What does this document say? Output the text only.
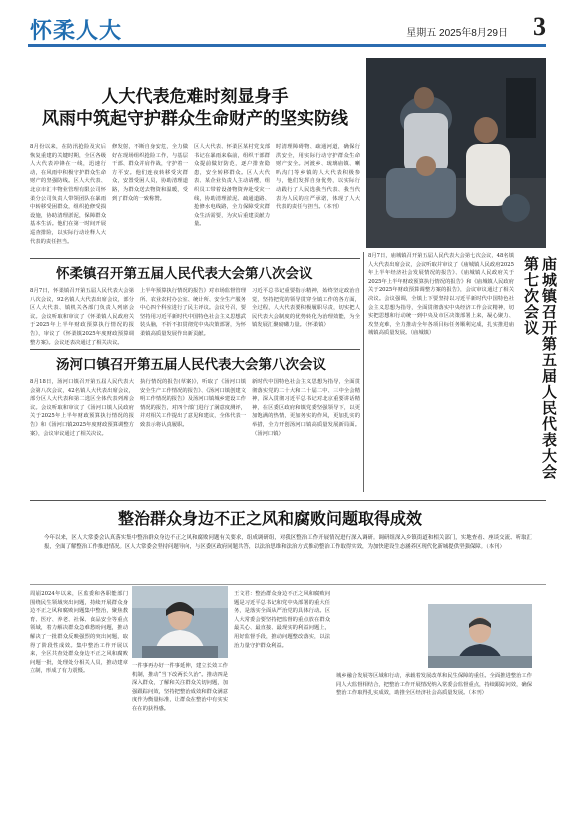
怀柔人大	星期五 2025年8月29日 3
人大代表危难时刻显身手
风雨中筑起守护群众生命财产的坚实防线
8月份以来，在防汛抢险及灾后恢复重建的关键时期，全区各级人大代表冲锋在一线，迅速行动，在风雨中积极守护群众生命财产的坚强防线。区人大代表、北京市汇丰物业管理有限公司怀柔分公司负责人带领团队在暴雨中转移受困群众，组织抢修受损设施，协助清理淤泥，保障群众基本生活。他们在第一时间开展巡查排险，以实际行动诠释人大代表的责任担当。
修发射，不断自身安危，全力做好在现场组织抢险工作，与基层干部、群众并肩作战，守护着一方平安。他们连夜转移受灾群众，安置受困人员，协助清理道路，为群众送去物资和温暖，受到了群众的一致称赞。
区人大代表、怀柔区某村党支部书记在暴雨来临前，组织干部群众提前做好防范，逐户排查隐患，安全转移群众。区人大代表、某企业负责人主动请缨，组织员工带着设备物资奔赴受灾一线，协助清理淤泥、疏通道路、抢修水电线路，全力保障受灾群众生活需要，为灾后重建贡献力量。
时清理障碍物、疏通河道，确保行洪安全，用实际行动守护群众生命财产安全。河渡乡、琉璃庙镇、喇叭沟门等乡镇的人大代表积极参与，他们发挥自身优势，以实际行动践行了人民选我当代表、我当代表为人民的庄严承诺，体现了人大代表的责任与担当。（本刊）
怀柔镇召开第五届人民代表大会第八次会议
8月7日，怀柔镇召开第五届人民代表大会第八次会议，92名镇人大代表出席会议，部分区人大代表、镇机关各部门负责人列席会议。会议听取和审议了《怀柔镇人民政府关于2025年上半年财政预算执行情况的报告》，审议了《怀柔镇2025年度财政预算调整方案》。会议还表决通过了相关决议。
上半年预算执行情况的报告》对市场监督管理所、农业农村办公室、统计所、安全生产服务中心四个科室进行了民主评议。会议号召，要坚持用习近平新时代中国特色社会主义思想武装头脑，不折不扣贯彻党中央决策部署，为怀柔镇高质量发展作出新贡献。
习近平总书记重要指示精神，始终坚定政治自觉，坚持把党的领导贯穿全镇工作的各方面，全过程，人大代表要积极履职尽责，切实把人民代表大会制度的优势转化为治理效能，为全镇发展汇聚磅礴力量。（怀柔镇）
汤河口镇召开第五届人民代表大会第八次会议
8月18日，汤河口镇召开第五届人民代表大会第八次会议，42名镇人大代表出席会议，部分区人大代表和第二选区全体代表列席会议。会议听取和审议了《汤河口镇人民政府关于2025年上半年财政预算执行情况的报告》和《汤河口镇2025年度财政预算调整方案》，会议审议通过了相关决议。
执行情况的报告(草案)》，听取了《汤河口镇安全生产工作情况的报告》、《汤河口镇创建文明工作情况的报告》及汤河口镇城乡建设工作情况的报告，对四个部门进行了满意度测评，并对相关工作提出了意见和建议，全体代表一致表示将认真履职。
新时代中国特色社会主义思想为指导，全面贯彻落实党的二十大和二十届二中、三中全会精神，深入贯彻习近平总书记对北京重要讲话精神，在区委区政府和镇党委坚强领导下，以更加饱满的热情，更加务实的作风，更加扎实的举措，全力开创汤河口镇高质量发展新局面。（汤河口镇）
8月7日，庙城镇召开第五届人民代表大会第七次会议，48名镇人大代表出席会议，会议听取并审议了《庙城镇人民政府2025年上半年经济社会发展情况的报告》、《庙城镇人民政府关于2025年上半年财政预算执行情况的报告》和《庙城镇人民政府关于2025年财政预算调整方案的报告》，会议审议通过了相关决议。会议强调，全镇上下要坚持以习近平新时代中国特色社会主义思想为指导，全面贯彻落实中央经济工作会议精神，切实把思想和行动统一到中央及市区决策部署上来，凝心聚力、攻坚克难，全力推动全年各项目标任务顺利完成，扎实推进庙城镇高质量发展。（庙城镇）	庙城镇召开第五届人民代表大会第七次会议
整治群众身边不正之风和腐败问题取得成效
今年以来，区人大常委会认真落实集中整治群众身边不正之风和腐败问题有关要求，组成调研组，对我区整治工作开展情况进行深入调研。调研组深入乡镇街道和相关部门，实地查看、座谈交流、听取汇报，全面了解整治工作推进情况。区人大常委会坚持问题导向，与区委区政府同题共答，以法治思维和法治方式推动整治工作取得实效，为加快建设生态涵养区现代化新城提供坚强保障。（本刊）
周崩2024年以来，区监委和各职能部门围绕民生领域突出问题，持续开展群众身边不正之风和腐败问题集中整治，聚焦教育、医疗、养老、社保、食品安全等重点领域，着力解决群众急难愁盼问题，推动解决了一批群众反映强烈的突出问题，取得了阶段性成效。集中整治工作开展以来，全区共查处群众身边不正之风和腐败问题一批，处理处分相关人员，推动建章立制，形成了有力震慑。
一件事再办好一件事延伸，建立长效工作机制，推动“当下改两长久治”。推动四是深入群众，了解和关注群众关切问题，加强跟踪问效，坚持把整治成效和群众满意度作为衡量标准，让群众在整治中有实实在在的获得感。
王文君：整治群众身边不正之风和腐败问题是习近平总书记和党中央部署的重大任务，是落实全面从严治党的具体行动。区人大常委会要坚持把监督的重点放在群众最关心、最直接、最现实的利益问题上，用好监督手段，推动问题整改落实，以法治力量守护群众利益。
城乡融合发展等区域和行动，承载着发展改革和民生保障的重任。全面推进整治工作同人大监督相结合，把整治工作开展情况纳入常委会监督重点，持续跟踪问效，确保整治工作取得扎实成效，助推全区经济社会高质量发展。（本刊）
